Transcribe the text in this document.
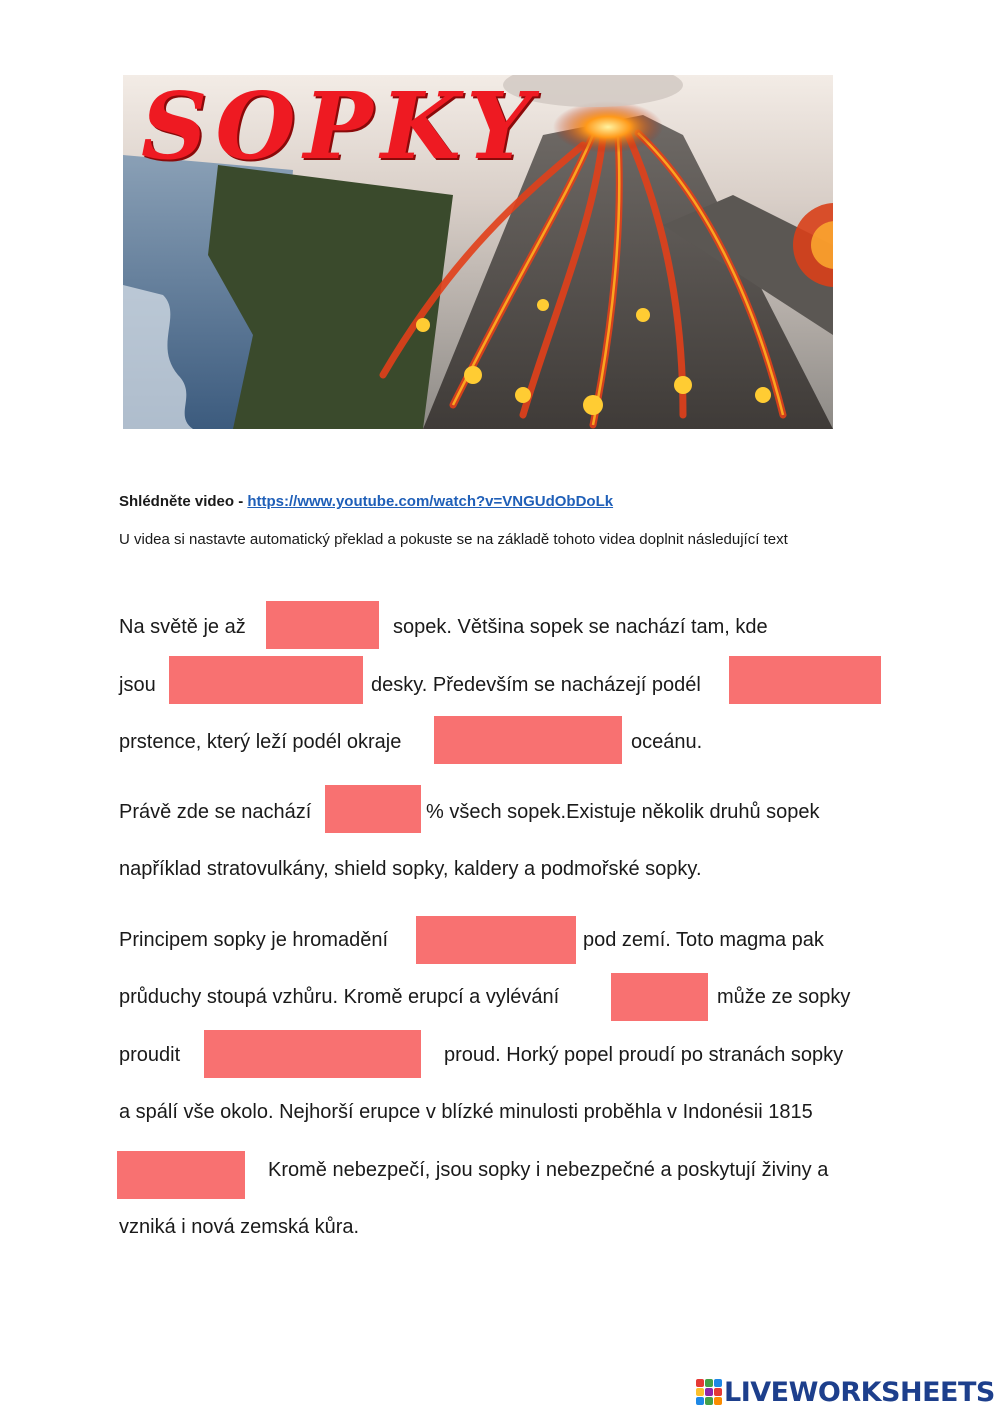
SOPKY
Shlédněte video - https://www.youtube.com/watch?v=VNGUdObDoLk
U videa si nastavte automatický překlad a pokuste se na základě tohoto videa doplnit následující text
Na světě je až	sopek. Většina sopek se nachází tam, kde
jsou	desky. Především se nacházejí podél
prstence, který leží podél okraje	oceánu.
Právě zde se nachází	% všech sopek.Existuje několik druhů sopek
například stratovulkány, shield sopky, kaldery a podmořské sopky.
Principem sopky je hromadění	pod zemí. Toto magma pak
průduchy stoupá vzhůru. Kromě erupcí a vylévání	může ze sopky
proudit	proud. Horký popel proudí po stranách sopky
a spálí vše okolo. Nejhorší erupce v blízké minulosti proběhla v Indonésii 1815
Kromě nebezpečí, jsou sopky i nebezpečné a poskytují živiny a
vzniká i nová zemská kůra.
LIVEWORKSHEETS
